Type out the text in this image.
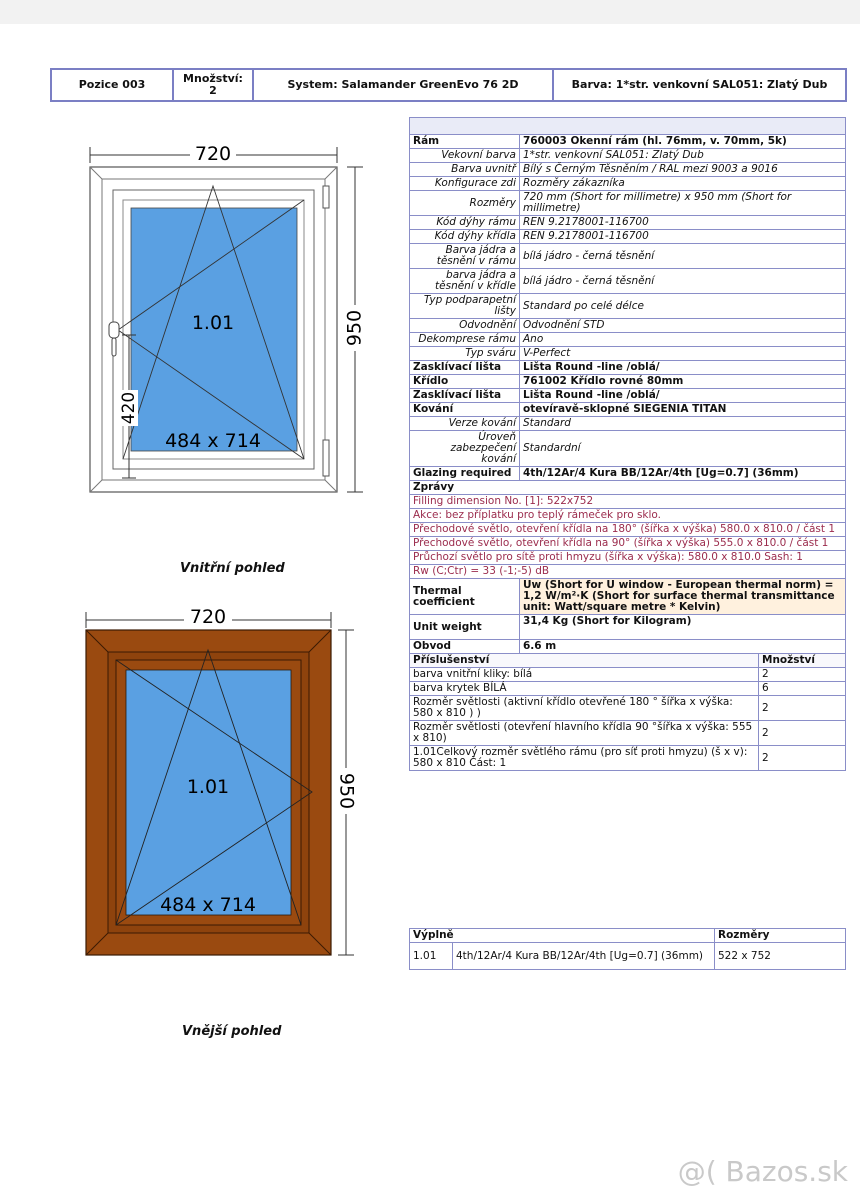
Pozice 003	Množství:
2	System: Salamander GreenEvo 76 2D	Barva: 1*str. venkovní SAL051: Zlatý Dub
720
950
420
1.01
484 x 714
Vnitřní pohled
720
950
1.01
484 x 714
Vnější pohled

Rám	760003 Okenní rám (hl. 76mm, v. 70mm, 5k)	
Vekovní barva	1*str. venkovní SAL051: Zlatý Dub	
Barva uvnitř	Bílý s Černým Těsněním / RAL mezi 9003 a 9016	
Konfigurace zdi	Rozměry zákazníka	
Rozměry	720 mm (Short for millimetre) x 950 mm (Short for millimetre)	
Kód dýhy rámu	REN 9.2178001-116700	
Kód dýhy křídla	REN 9.2178001-116700	
Barva jádra a těsnění v rámu	bílá jádro - černá těsnění	
barva jádra a těsnění v křídle	bílá jádro - černá těsnění	
Typ podparapetní lišty	Standard po celé délce	
Odvodnění	Odvodnění STD	
Dekomprese rámu	Ano	
Typ sváru	V-Perfect	
Zasklívací lišta	Lišta Round -line /oblá/	
Křídlo	761002 Křídlo rovné 80mm	
Zasklívací lišta	Lišta Round -line /oblá/	
Kování	otevíravě-sklopné SIEGENIA TITAN	
Verze kování	Standard	
Úroveň zabezpečení kování	Standardní	
Glazing required	4th/12Ar/4 Kura BB/12Ar/4th [Ug=0.7] (36mm)	
Zprávy		
Filling dimension No. [1]: 522x752		
Akce: bez příplatku pro teplý rámeček pro sklo.		
Přechodové světlo, otevření křídla na 180° (šířka x výška) 580.0 x 810.0 / část 1		
Přechodové světlo, otevření křídla na 90° (šířka x výška) 555.0 x 810.0 / část 1		
Průchozí světlo pro sítě proti hmyzu (šířka x výška): 580.0 x 810.0 Sash: 1		
Rw (C;Ctr) = 33 (-1;-5) dB		
Thermal coefficient	Uw (Short for U window - European thermal norm) = 1,2 W/m²·K (Short for surface thermal transmittance unit: Watt/square metre * Kelvin)	
Unit weight	31,4 Kg (Short for Kilogram)	
Obvod	6.6 m	
Příslušenství		Množství
barva vnitřní kliky: bílá		2
barva krytek BÍLÁ		6
Rozměr světlosti (aktivní křídlo otevřené 180 ° šířka x výška: 580 x 810 ) )		2
Rozměr světlosti (otevření hlavního křídla 90 °šířka x výška: 555 x 810)		2
1.01Celkový rozměr světlého rámu (pro síť proti hmyzu) (š x v): 580 x 810 Část: 1		2
Výplně		Rozměry
1.01	4th/12Ar/4 Kura BB/12Ar/4th [Ug=0.7] (36mm)	522 x 752
@( Bazos.sk
